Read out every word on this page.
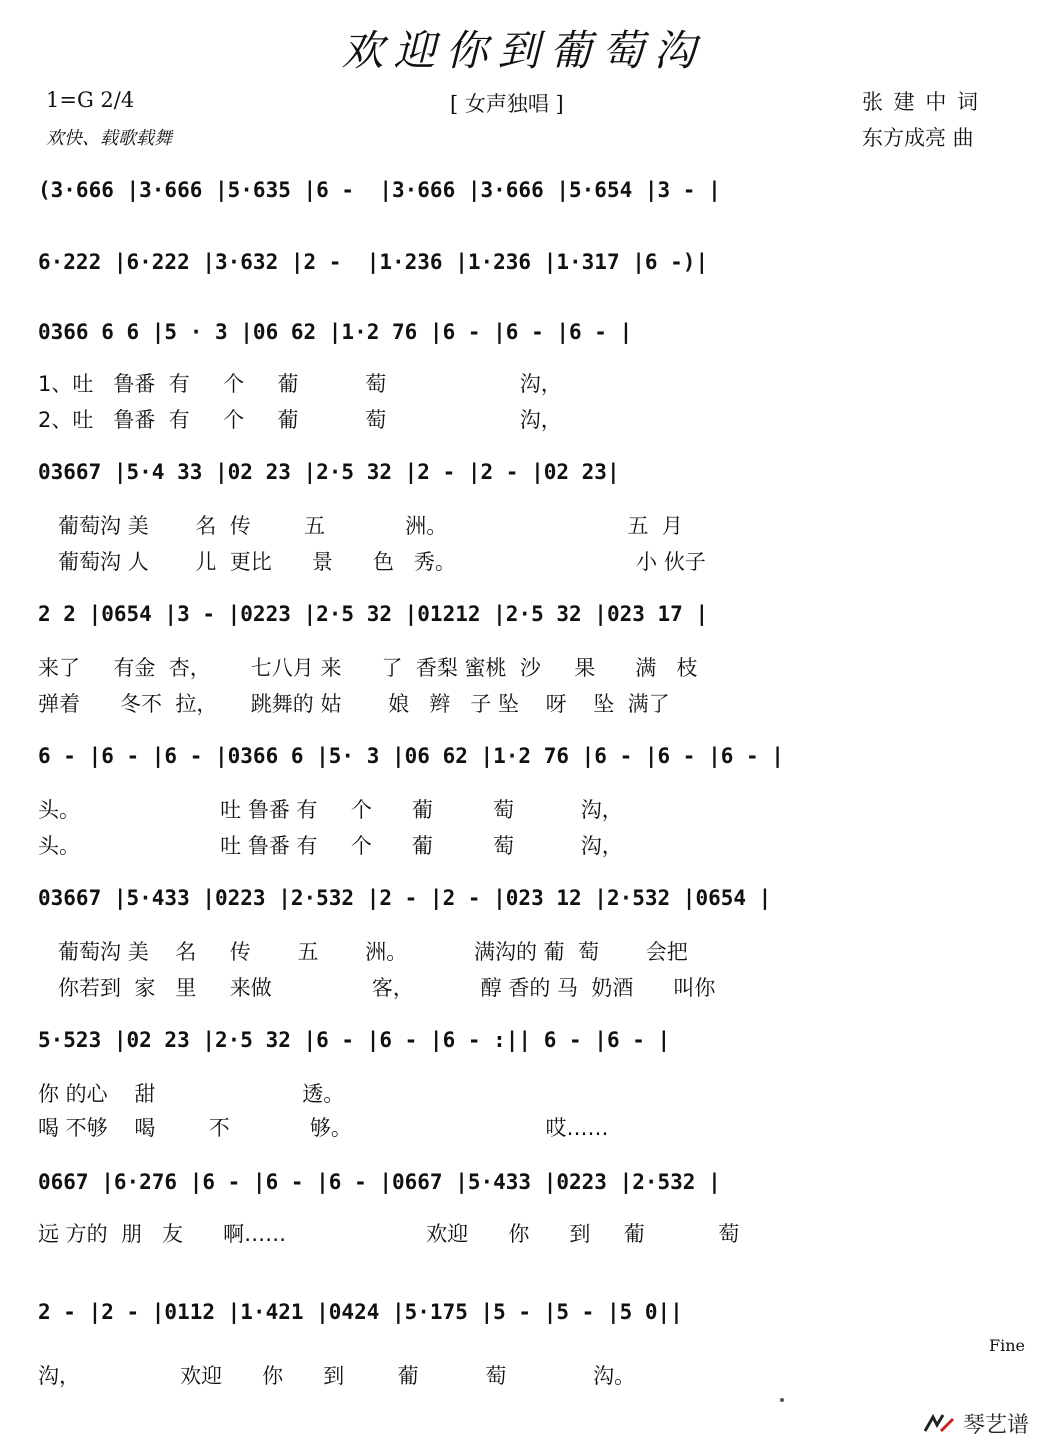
欢迎你到葡萄沟
1=G 2/4	[ 女声独唱 ]	张 建 中 词
欢快、载歌载舞	东方成亮 曲
(3·666 |3·666 |5·635 |6 -  |3·666 |3·666 |5·654 |3 - |
6·222 |6·222 |3·632 |2 -  |1·236 |1·236 |1·317 |6 -)|
0366 6 6 |5 · 3 |06 62 |1·2 76 |6 - |6 - |6 - |
03667 |5·4 33 |02 23 |2·5 32 |2 - |2 - |02 23|
2 2 |0654 |3 - |0223 |2·5 32 |01212 |2·5 32 |023 17 |
6 - |6 - |6 - |0366 6 |5· 3 |06 62 |1·2 76 |6 - |6 - |6 - |
03667 |5·433 |0223 |2·532 |2 - |2 - |023 12 |2·532 |0654 |
5·523 |02 23 |2·5 32 |6 - |6 - |6 - :|| 6 - |6 - |
0667 |6·276 |6 - |6 - |6 - |0667 |5·433 |0223 |2·532 |
2 - |2 - |0112 |1·421 |0424 |5·175 |5 - |5 - |5 0||
1、吐   鲁番  有     个     葡          萄                    沟，
2、吐   鲁番  有     个     葡          萄                    沟，
葡萄沟 美       名  传        五            洲。                           五  月
葡萄沟 人       儿  更比      景      色   秀。                           小 伙子
来了     有金  杏，      七八月 来      了  香梨 蜜桃  沙     果      满   枝
弹着      冬不  拉，     跳舞的 姑       娘   辫   子 坠    呀    坠  满了
头。                     吐 鲁番 有     个      葡         萄          沟，
头。                     吐 鲁番 有     个      葡         萄          沟，
葡萄沟 美    名     传       五       洲。          满沟的 葡  萄       会把
你若到  家   里     来做               客，          醇 香的 马  奶酒      叫你
你 的心    甜                      透。
喝 不够    喝        不            够。                             哎……
远 方的  朋   友      啊……                     欢迎      你      到     葡           萄
沟，               欢迎      你      到        葡          萄             沟。
Fine
琴艺谱
